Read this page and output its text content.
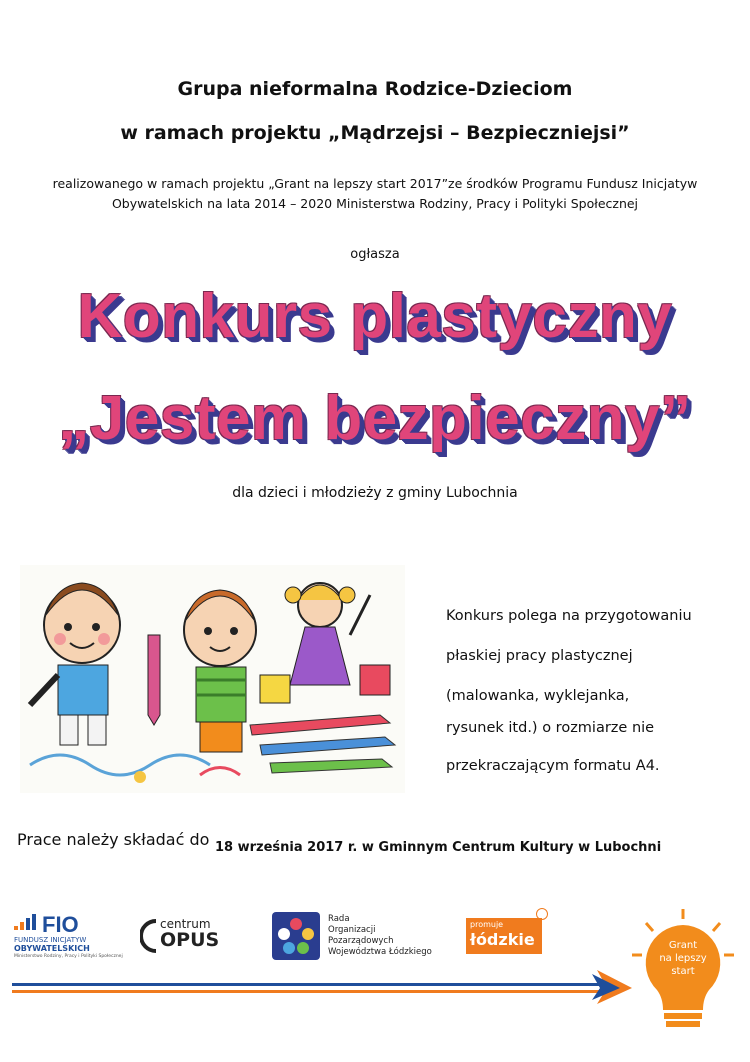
Grupa nieformalna Rodzice-Dzieciom
w ramach projektu „Mądrzejsi – Bezpieczniejsi”
realizowanego w ramach projektu „Grant na lepszy start 2017”ze środków Programu Fundusz Inicjatyw
Obywatelskich na lata 2014 – 2020 Ministerstwa Rodziny, Pracy i Polityki Społecznej
ogłasza
Konkurs plastyczny
„Jestem bezpieczny”
dla dzieci i młodzieży z gminy Lubochnia
Konkurs polega na przygotowaniu
płaskiej pracy plastycznej
(malowanka, wyklejanka,
rysunek itd.) o rozmiarze nie
przekraczającym formatu A4.
Prace należy składać do 18 września 2017 r. w Gminnym Centrum Kultury w Lubochni
FIO
FUNDUSZ INICJATYW
OBYWATELSKICH
Ministerstwo Rodziny, Pracy i Polityki Społecznej
centrum
OPUS
Rada
Organizacji
Pozarządowych
Województwa Łódzkiego
promuje
łódzkie	Grant
na lepszy
start
